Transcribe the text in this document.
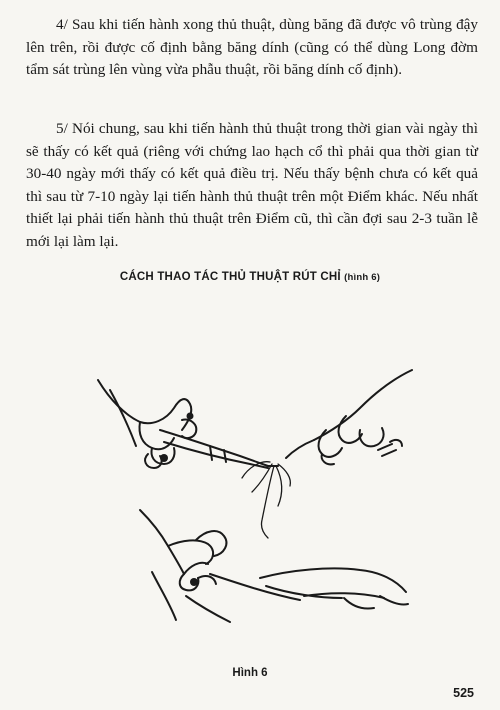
4/ Sau khi tiến hành xong thủ thuật, dùng băng đã được vô trùng đậy lên trên, rồi được cố định bằng băng dính (cũng có thể dùng Long đờm tẩm sát trùng lên vùng vừa phẫu thuật, rồi băng dính cố định).

5/ Nói chung, sau khi tiến hành thủ thuật trong thời gian vài ngày thì sẽ thấy có kết quả (riêng với chứng lao hạch cổ thì phải qua thời gian từ 30-40 ngày mới thấy có kết quả điều trị. Nếu thấy bệnh chưa có kết quả thì sau từ 7-10 ngày lại tiến hành thủ thuật trên một Điểm khác. Nếu nhất thiết lại phải tiến hành thủ thuật trên Điểm cũ, thì cần đợi sau 2-3 tuần lễ mới lại làm lại.

CÁCH THAO TÁC THỦ THUẬT RÚT CHỈ (hình 6)
Hình 6
525
